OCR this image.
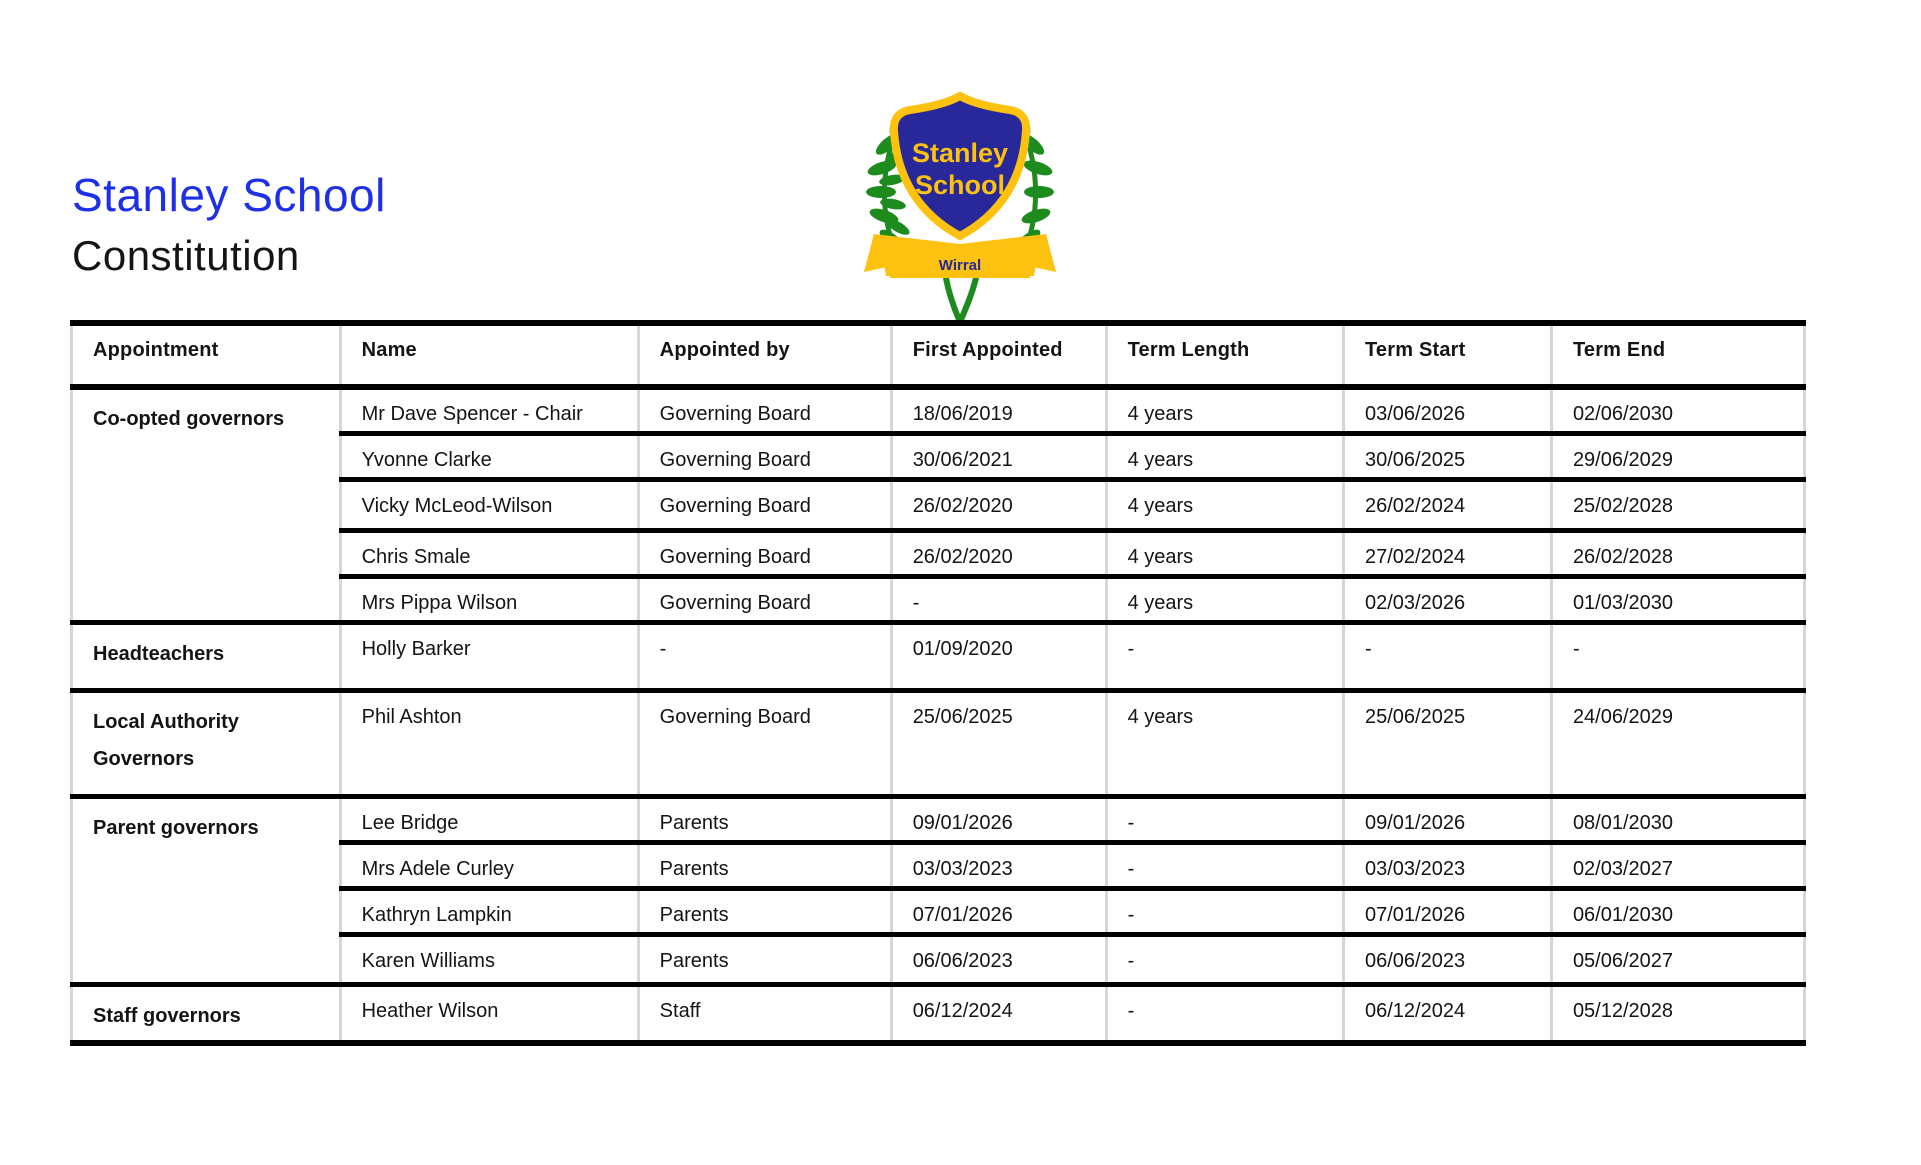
Stanley School
Constitution
Stanley
School
Wirral
Appointment	Name	Appointed by	First Appointed	Term Length	Term Start	Term End
Co-opted governors	Mr Dave Spencer - Chair	Governing Board	18/06/2019	4 years	03/06/2026	02/06/2030
	Yvonne Clarke	Governing Board	30/06/2021	4 years	30/06/2025	29/06/2029
	Vicky McLeod-Wilson	Governing Board	26/02/2020	4 years	26/02/2024	25/02/2028
	Chris Smale	Governing Board	26/02/2020	4 years	27/02/2024	26/02/2028
	Mrs Pippa Wilson	Governing Board	-	4 years	02/03/2026	01/03/2030
Headteachers	Holly Barker	-	01/09/2020	-	-	-
Local Authority Governors	Phil Ashton	Governing Board	25/06/2025	4 years	25/06/2025	24/06/2029
Parent governors	Lee Bridge	Parents	09/01/2026	-	09/01/2026	08/01/2030
	Mrs Adele Curley	Parents	03/03/2023	-	03/03/2023	02/03/2027
	Kathryn Lampkin	Parents	07/01/2026	-	07/01/2026	06/01/2030
	Karen Williams	Parents	06/06/2023	-	06/06/2023	05/06/2027
Staff governors	Heather Wilson	Staff	06/12/2024	-	06/12/2024	05/12/2028
